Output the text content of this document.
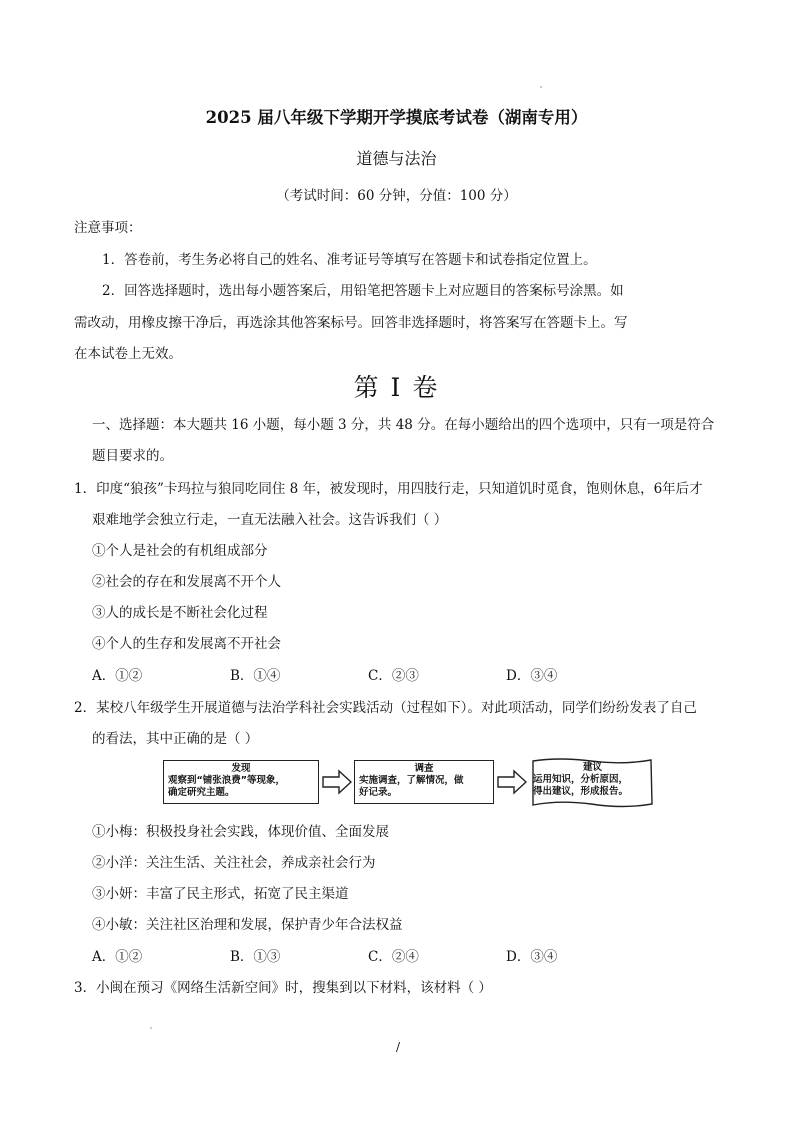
2025 届八年级下学期开学摸底考试卷（湖南专用）
道德与法治
（考试时间：60 分钟，分值：100 分）
注意事项：
1．答卷前，考生务必将自己的姓名、准考证号等填写在答题卡和试卷指定位置上。
2．回答选择题时，选出每小题答案后，用铅笔把答题卡上对应题目的答案标号涂黑。如
需改动，用橡皮擦干净后，再选涂其他答案标号。回答非选择题时，将答案写在答题卡上。写
在本试卷上无效。
第 I 卷
一、选择题：本大题共 16 小题，每小题 3 分，共 48 分。在每小题给出的四个选项中，只有一项是符合
题目要求的。
1．印度“狼孩”卡玛拉与狼同吃同住 8 年，被发现时，用四肢行走，只知道饥时觅食，饱则休息，6年后才
艰难地学会独立行走，一直无法融入社会。这告诉我们（ ）
①个人是社会的有机组成部分
②社会的存在和发展离不开个人
③人的成长是不断社会化过程
④个人的生存和发展离不开社会
A．①②	B．①④	C．②③	D．③④
2．某校八年级学生开展道德与法治学科社会实践活动（过程如下）。对此项活动，同学们纷纷发表了自己
的看法，其中正确的是（ ）
发现
观察到“铺张浪费”等现象，
确定研究主题。
调查
实施调查，了解情况，做
好记录。
建议
运用知识，分析原因，
得出建议，形成报告。
①小梅：积极投身社会实践，体现价值、全面发展
②小洋：关注生活、关注社会，养成亲社会行为
③小妍：丰富了民主形式，拓宽了民主渠道
④小敏：关注社区治理和发展，保护青少年合法权益
A．①②	B．①③	C．②④	D．③④
3．小闽在预习《网络生活新空间》时，搜集到以下材料，该材料（ ）
/
